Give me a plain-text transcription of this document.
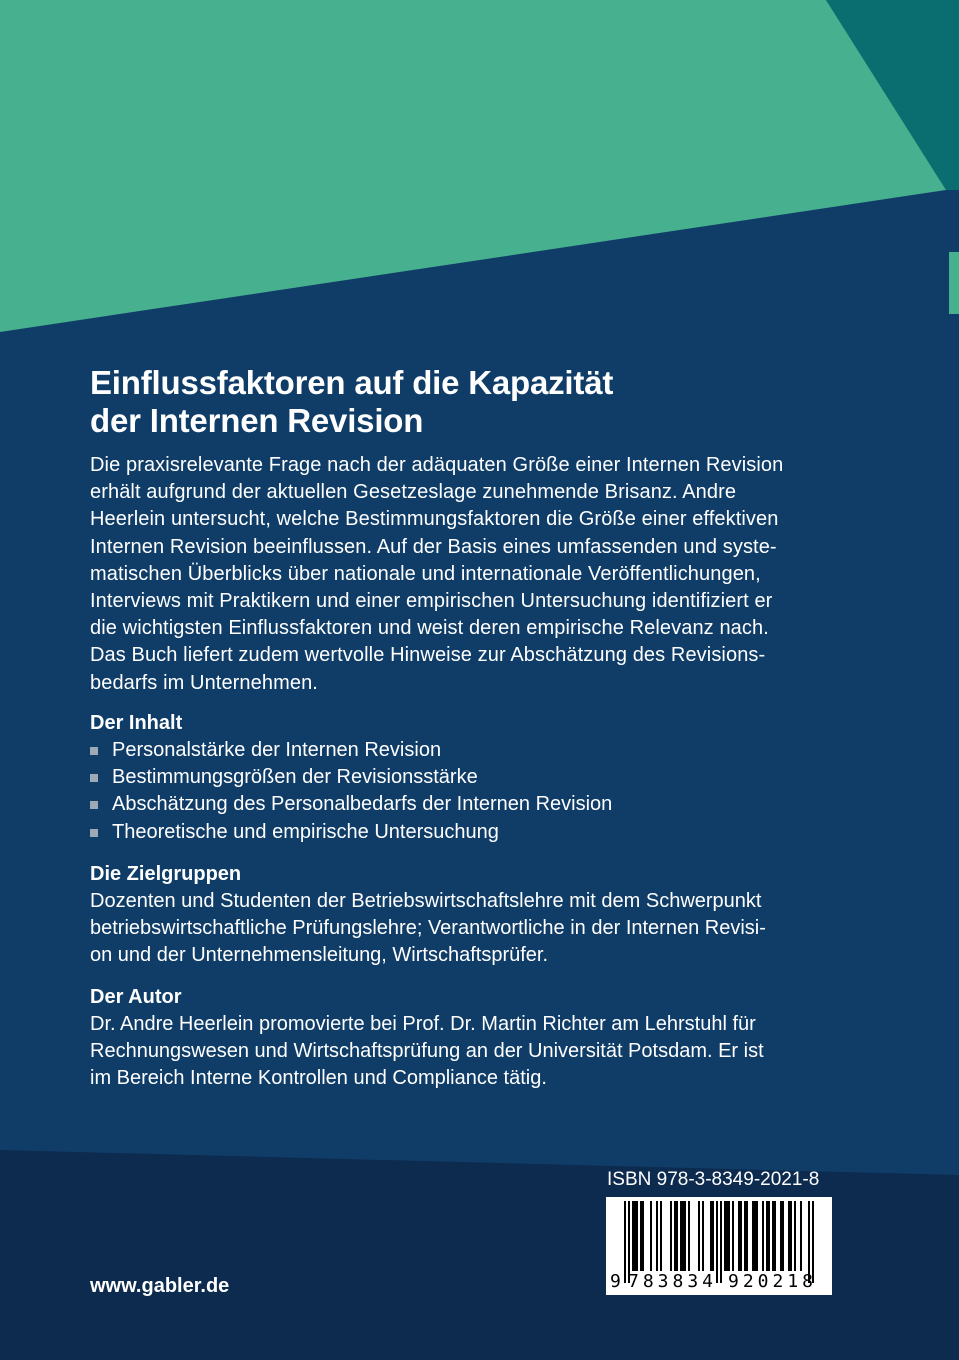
Einflussfaktoren auf die Kapazität
der Internen Revision
Die praxisrelevante Frage nach der adäquaten Größe einer Internen Revision
erhält aufgrund der aktuellen Gesetzeslage zunehmende Brisanz. Andre
Heerlein untersucht, welche Bestimmungsfaktoren die Größe einer effektiven
Internen Revision beeinflussen. Auf der Basis eines umfassenden und syste-
matischen Überblicks über nationale und internationale Veröffentlichungen,
Interviews mit Praktikern und einer empirischen Untersuchung identifiziert er
die wichtigsten Einflussfaktoren und weist deren empirische Relevanz nach.
Das Buch liefert zudem wertvolle Hinweise zur Abschätzung des Revisions-
bedarfs im Unternehmen.
Der Inhalt
Personalstärke der Internen Revision
Bestimmungsgrößen der Revisionsstärke
Abschätzung des Personalbedarfs der Internen Revision
Theoretische und empirische Untersuchung
Die Zielgruppen
Dozenten und Studenten der Betriebswirtschaftslehre mit dem Schwerpunkt
betriebswirtschaftliche Prüfungslehre; Verantwortliche in der Internen Revisi-
on und der Unternehmensleitung, Wirtschaftsprüfer.
Der Autor
Dr. Andre Heerlein promovierte bei Prof. Dr. Martin Richter am Lehrstuhl für
Rechnungswesen und Wirtschaftsprüfung an der Universität Potsdam. Er ist
im Bereich Interne Kontrollen und Compliance tätig.
ISBN 978-3-8349-2021-8
9 783834 920218
www.gabler.de
